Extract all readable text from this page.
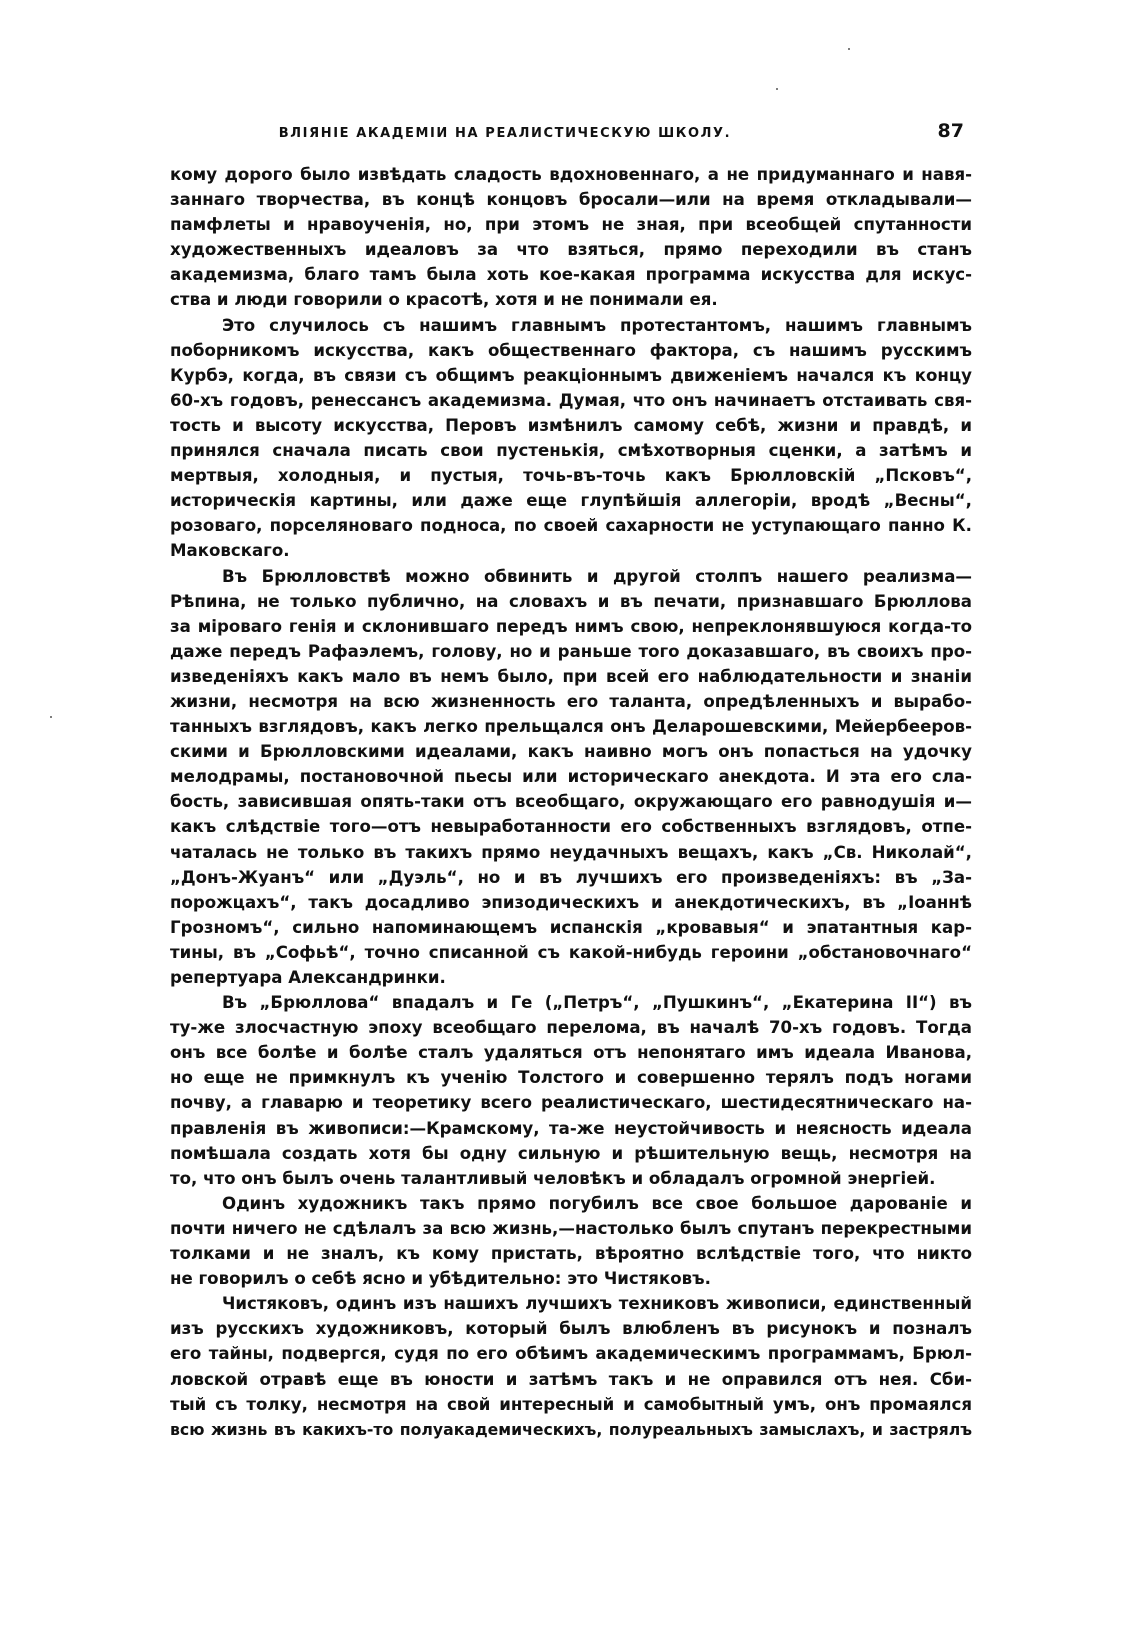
ВЛІЯНІЕ АКАДЕМІИ НА РЕАЛИСТИЧЕСКУЮ ШКОЛУ.	87
кому дорого было извѣдать сладость вдохновеннаго, а не придуманнаго и навя-
заннаго творчества, въ концѣ концовъ бросали—или на время откладывали—
памфлеты и нравоученія, но, при этомъ не зная, при всеобщей спутанности
художественныхъ идеаловъ за что взяться, прямо переходили въ станъ
академизма, благо тамъ была хоть кое-какая программа искусства для искус-
ства и люди говорили о красотѣ, хотя и не понимали ея.
Это случилось съ нашимъ главнымъ протестантомъ, нашимъ главнымъ
поборникомъ искусства, какъ общественнаго фактора, съ нашимъ русскимъ
Курбэ, когда, въ связи съ общимъ реакціоннымъ движеніемъ начался къ концу
60-хъ годовъ, ренессансъ академизма. Думая, что онъ начинаетъ отстаивать свя-
тость и высоту искусства, Перовъ измѣнилъ самому себѣ, жизни и правдѣ, и
принялся сначала писать свои пустенькія, смѣхотворныя сценки, а затѣмъ и
мертвыя, холодныя, и пустыя, точь-въ-точь какъ Брюлловскій „Псковъ“,
историческія картины, или даже еще глупѣйшія аллегоріи, вродѣ „Весны“,
розоваго, порселяноваго подноса, по своей сахарности не уступающаго панно К.
Маковскаго.
Въ Брюлловствѣ можно обвинить и другой столпъ нашего реализма—
Рѣпина, не только публично, на словахъ и въ печати, признавшаго Брюллова
за міроваго генія и склонившаго передъ нимъ свою, непреклонявшуюся когда-то
даже передъ Рафаэлемъ, голову, но и раньше того доказавшаго, въ своихъ про-
изведеніяхъ какъ мало въ немъ было, при всей его наблюдательности и знаніи
жизни, несмотря на всю жизненность его таланта, опредѣленныхъ и вырабо-
танныхъ взглядовъ, какъ легко прельщался онъ Деларошевскими, Мейербееров-
скими и Брюлловскими идеалами, какъ наивно могъ онъ попасться на удочку
мелодрамы, постановочной пьесы или историческаго анекдота. И эта его сла-
бость, зависившая опять-таки отъ всеобщаго, окружающаго его равнодушія и—
какъ слѣдствіе того—отъ невыработанности его собственныхъ взглядовъ, отпе-
чаталась не только въ такихъ прямо неудачныхъ вещахъ, какъ „Св. Николай“,
„Донъ-Жуанъ“ или „Дуэль“, но и въ лучшихъ его произведеніяхъ: въ „За-
порожцахъ“, такъ досадливо эпизодическихъ и анекдотическихъ, въ „Іоаннѣ
Грозномъ“, сильно напоминающемъ испанскія „кровавыя“ и эпатантныя кар-
тины, въ „Софьѣ“, точно списанной съ какой-нибудь героини „обстановочнаго“
репертуара Александринки.
Въ „Брюллова“ впадалъ и Ге („Петръ“, „Пушкинъ“, „Екатерина II“) въ
ту-же злосчастную эпоху всеобщаго перелома, въ началѣ 70-хъ годовъ. Тогда
онъ все болѣе и болѣе сталъ удаляться отъ непонятаго имъ идеала Иванова,
но еще не примкнулъ къ ученію Толстого и совершенно терялъ подъ ногами
почву, а главарю и теоретику всего реалистическаго, шестидесятническаго на-
правленія въ живописи:—Крамскому, та-же неустойчивость и неясность идеала
помѣшала создать хотя бы одну сильную и рѣшительную вещь, несмотря на
то, что онъ былъ очень талантливый человѣкъ и обладалъ огромной энергіей.
Одинъ художникъ такъ прямо погубилъ все свое большое дарованіе и
почти ничего не сдѣлалъ за всю жизнь,—настолько былъ спутанъ перекрестными
толками и не зналъ, къ кому пристать, вѣроятно вслѣдствіе того, что никто
не говорилъ о себѣ ясно и убѣдительно: это Чистяковъ.
Чистяковъ, одинъ изъ нашихъ лучшихъ техниковъ живописи, единственный
изъ русскихъ художниковъ, который былъ влюбленъ въ рисунокъ и позналъ
его тайны, подвергся, судя по его обѣимъ академическимъ программамъ, Брюл-
ловской отравѣ еще въ юности и затѣмъ такъ и не оправился отъ нея. Сби-
тый съ толку, несмотря на свой интересный и самобытный умъ, онъ промаялся
всю жизнь въ какихъ-то полуакадемическихъ, полуреальныхъ замыслахъ, и застрялъ
